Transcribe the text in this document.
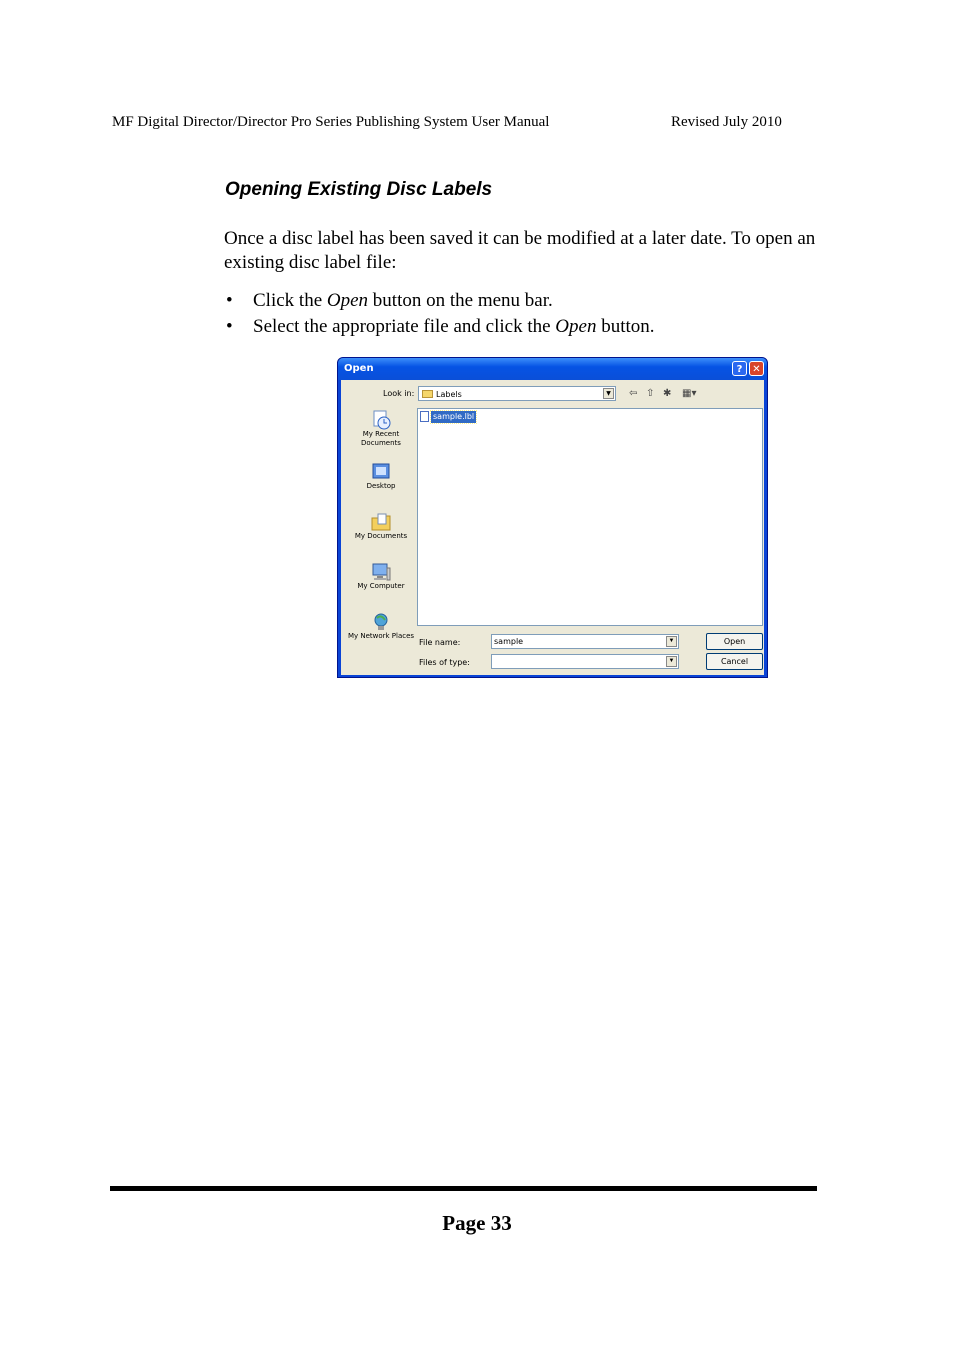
MF Digital Director/Director Pro Series Publishing System User Manual	Revised July 2010
Opening Existing Disc Labels
Once a disc label has been saved it can be modified at a later date. To open an existing disc label file:
• Click the Open button on the menu bar.
• Select the appropriate file and click the Open button.
Open	? ✕
Look in:	Labels	▼	⇦ ⇧ ✱ ▦▾
My Recent Documents
Desktop
My Documents
My Computer
My Network Places
sample.lbl
File name:	sample	▼
Files of type:	▼
Open
Cancel
Page 33
